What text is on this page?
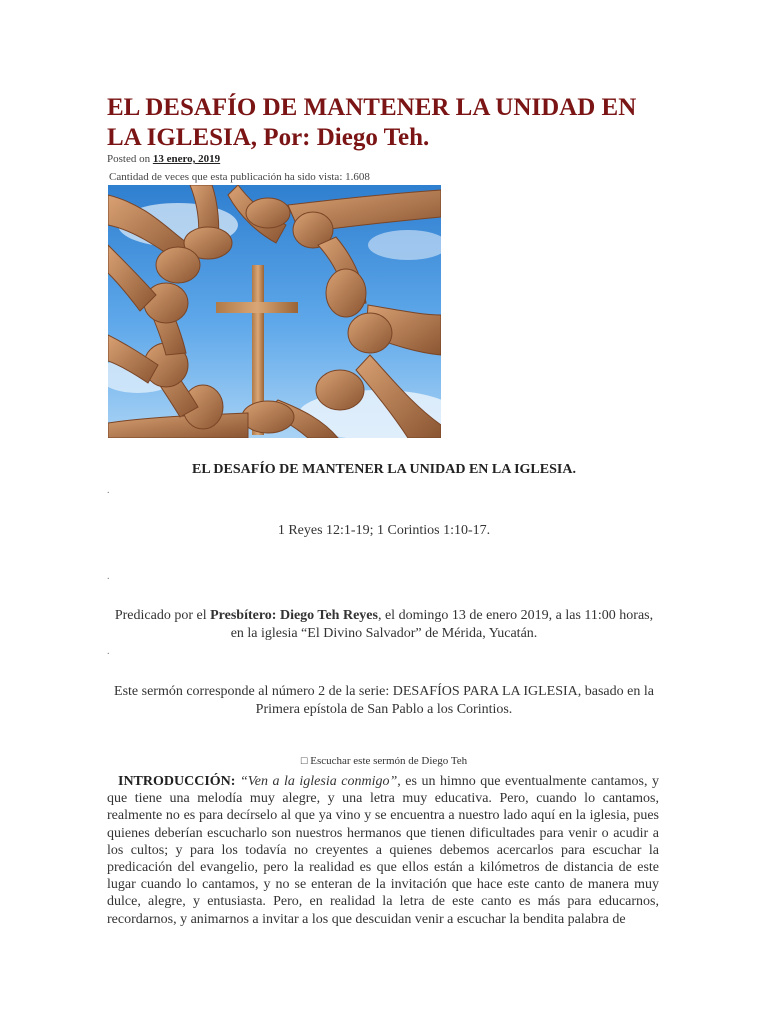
EL DESAFÍO DE MANTENER LA UNIDAD EN LA IGLESIA, Por: Diego Teh.
Posted on 13 enero, 2019
Cantidad de veces que esta publicación ha sido vista: 1.608
EL DESAFÍO DE MANTENER LA UNIDAD EN LA IGLESIA.
.
1 Reyes 12:1-19; 1 Corintios 1:10-17.
.
Predicado por el Presbítero: Diego Teh Reyes, el domingo 13 de enero 2019, a las 11:00 horas, en la iglesia “El Divino Salvador” de Mérida, Yucatán.
.
Este sermón corresponde al número 2 de la serie: DESAFÍOS PARA LA IGLESIA, basado en la Primera epístola de San Pablo a los Corintios.
□ Escuchar este sermón de Diego Teh

INTRODUCCIÓN: “Ven a la iglesia conmigo”, es un himno que eventualmente cantamos, y que tiene una melodía muy alegre, y una letra muy educativa. Pero, cuando lo cantamos, realmente no es para decírselo al que ya vino y se encuentra a nuestro lado aquí en la iglesia, pues quienes deberían escucharlo son nuestros hermanos que tienen dificultades para venir o acudir a los cultos; y para los todavía no creyentes a quienes debemos acercarlos para escuchar la predicación del evangelio, pero la realidad es que ellos están a kilómetros de distancia de este lugar cuando lo cantamos, y no se enteran de la invitación que hace este canto de manera muy dulce, alegre, y entusiasta. Pero, en realidad la letra de este canto es más para educarnos, recordarnos, y animarnos a invitar a los que descuidan venir a escuchar la bendita palabra de
